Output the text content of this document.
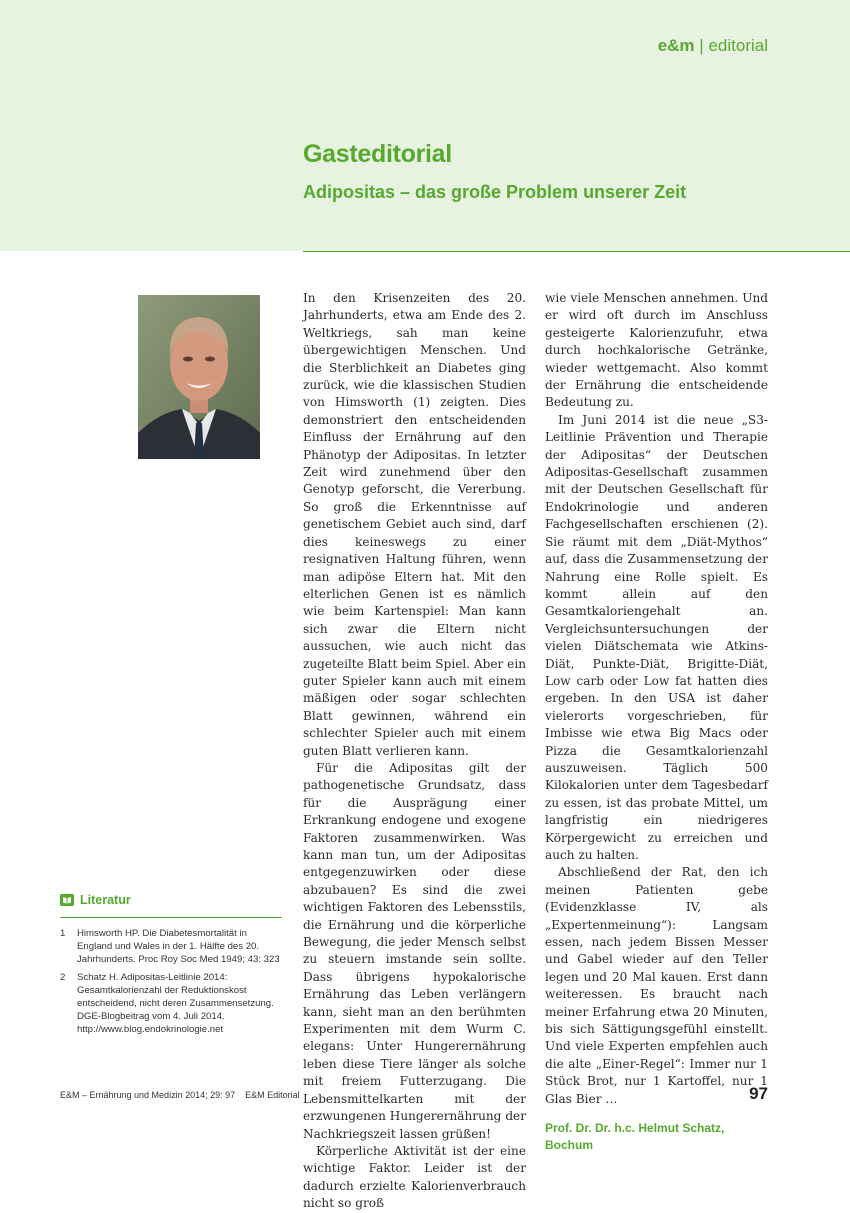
e&m | editorial
Gasteditorial
Adipositas – das große Problem unserer Zeit

In den Krisenzeiten des 20. Jahrhunderts, etwa am Ende des 2. Weltkriegs, sah man keine übergewichtigen Menschen. Und die Sterblichkeit an Diabetes ging zurück, wie die klassischen Studien von Himsworth (1) zeigten. Dies demonstriert den entscheidenden Einfluss der Ernährung auf den Phänotyp der Adipositas. In letzter Zeit wird zunehmend über den Genotyp geforscht, die Vererbung. So groß die Erkenntnisse auf genetischem Gebiet auch sind, darf dies keineswegs zu einer resignativen Haltung führen, wenn man adipöse Eltern hat. Mit den elterlichen Genen ist es nämlich wie beim Kartenspiel: Man kann sich zwar die Eltern nicht aussuchen, wie auch nicht das zugeteilte Blatt beim Spiel. Aber ein guter Spieler kann auch mit einem mäßigen oder sogar schlechten Blatt gewinnen, während ein schlechter Spieler auch mit einem guten Blatt verlieren kann.

Für die Adipositas gilt der pathogenetische Grundsatz, dass für die Ausprägung einer Erkrankung endogene und exogene Faktoren zusammenwirken. Was kann man tun, um der Adipositas entgegenzuwirken oder diese abzubauen? Es sind die zwei wichtigen Faktoren des Lebensstils, die Ernährung und die körperliche Bewegung, die jeder Mensch selbst zu steuern imstande sein sollte. Dass übrigens hypokalorische Ernährung das Leben verlängern kann, sieht man an den berühmten Experimenten mit dem Wurm C. elegans: Unter Hungerernährung leben diese Tiere länger als solche mit freiem Futterzugang. Die Lebensmittelkarten mit der erzwungenen Hungerernährung der Nachkriegszeit lassen grüßen!

Körperliche Aktivität ist der eine wichtige Faktor. Leider ist der dadurch erzielte Kalorienverbrauch nicht so groß

wie viele Menschen annehmen. Und er wird oft durch im Anschluss gesteigerte Kalorienzufuhr, etwa durch hochkalorische Getränke, wieder wettgemacht. Also kommt der Ernährung die entscheidende Bedeutung zu.

Im Juni 2014 ist die neue „S3-Leitlinie Prävention und Therapie der Adipositas“ der Deutschen Adipositas-Gesellschaft zusammen mit der Deutschen Gesellschaft für Endokrinologie und anderen Fachgesellschaften erschienen (2). Sie räumt mit dem „Diät-Mythos“ auf, dass die Zusammensetzung der Nahrung eine Rolle spielt. Es kommt allein auf den Gesamtkaloriengehalt an. Vergleichsuntersuchungen der vielen Diätschemata wie Atkins-Diät, Punkte-Diät, Brigitte-Diät, Low carb oder Low fat hatten dies ergeben. In den USA ist daher vielerorts vorgeschrieben, für Imbisse wie etwa Big Macs oder Pizza die Gesamtkalorienzahl auszuweisen. Täglich 500 Kilokalorien unter dem Tagesbedarf zu essen, ist das probate Mittel, um langfristig ein niedrigeres Körpergewicht zu erreichen und auch zu halten.

Abschließend der Rat, den ich meinen Patienten gebe (Evidenzklasse IV, als „Expertenmeinung“): Langsam essen, nach jedem Bissen Messer und Gabel wieder auf den Teller legen und 20 Mal kauen. Erst dann weiteressen. Es braucht nach meiner Erfahrung etwa 20 Minuten, bis sich Sättigungsgefühl einstellt. Und viele Experten empfehlen auch die alte „Einer-Regel“: Immer nur 1 Stück Brot, nur 1 Kartoffel, nur 1 Glas Bier …

Prof. Dr. Dr. h.c. Helmut Schatz,
Bochum
Literatur
1	Himsworth HP. Die Diabetesmortalität in England und Wales in der 1. Hälfte des 20. Jahrhunderts. Proc Roy Soc Med 1949; 43: 323
2	Schatz H. Adipositas-Leitlinie 2014: Gesamtkalorienzahl der Reduktionskost entscheidend, nicht deren Zusammensetzung. DGE-Blogbeitrag vom 4. Juli 2014. http://www.blog.endokrinologie.net
E&M – Ernährung und Medizin 2014; 29: 97    E&M Editorial	97
